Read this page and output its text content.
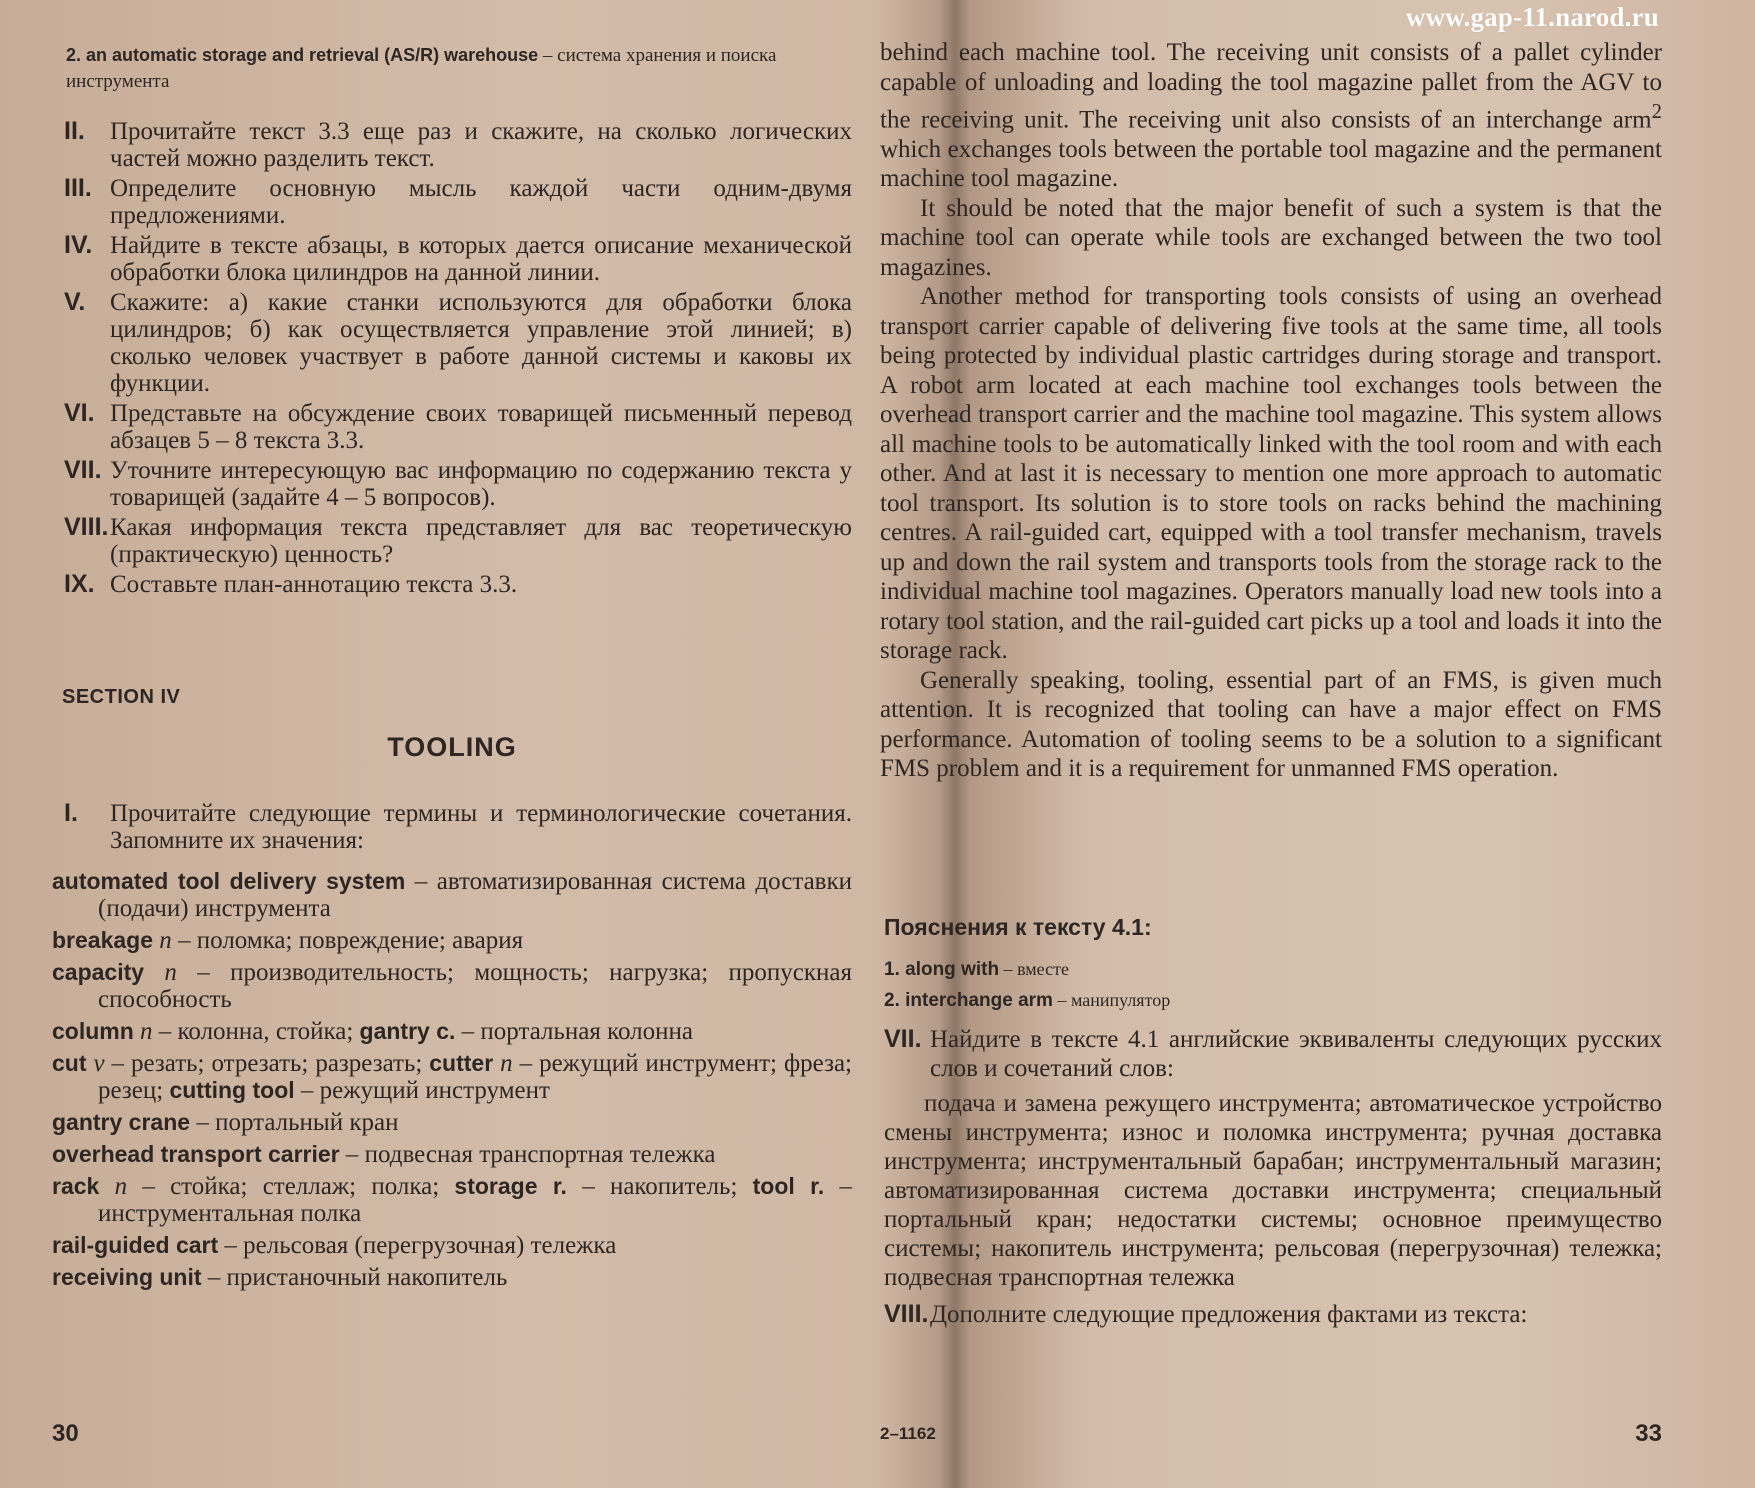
www.gap-11.narod.ru
2. an automatic storage and retrieval (AS/R) warehouse – система хранения и поиска инструмента
II. Прочитайте текст 3.3 еще раз и скажите, на сколько логических частей можно разделить текст.
III. Определите основную мысль каждой части одним-двумя предложениями.
IV. Найдите в тексте абзацы, в которых дается описание механической обработки блока цилиндров на данной линии.
V. Скажите: а) какие станки используются для обработки блока цилиндров; б) как осуществляется управление этой линией; в) сколько человек участвует в работе данной системы и каковы их функции.
VI. Представьте на обсуждение своих товарищей письменный перевод абзацев 5 – 8 текста 3.3.
VII. Уточните интересующую вас информацию по содержанию текста у товарищей (задайте 4 – 5 вопросов).
VIII.Какая информация текста представляет для вас теоретическую (практическую) ценность?
IX. Составьте план-аннотацию текста 3.3.
SECTION IV
TOOLING
I. Прочитайте следующие термины и терминологические сочетания. Запомните их значения:
automated tool delivery system – автоматизированная система доставки (подачи) инструмента
breakage n – поломка; повреждение; авария
capacity n – производительность; мощность; нагрузка; пропускная способность
column n – колонна, стойка; gantry c. – портальная колонна
cut v – резать; отрезать; разрезать; cutter n – режущий инструмент; фреза; резец; cutting tool – режущий инструмент
gantry crane – портальный кран
overhead transport carrier – подвесная транспортная тележка
rack n – стойка; стеллаж; полка; storage r. – накопитель; tool r. – инструментальная полка
rail-guided cart – рельсовая (перегрузочная) тележка
receiving unit – пристаночный накопитель
30

behind each machine tool. The receiving unit consists of a pallet cylinder capable of unloading and loading the tool magazine pallet from the AGV to the receiving unit. The receiving unit also consists of an interchange arm$^2$ which exchanges tools between the portable tool magazine and the permanent machine tool magazine.

It should be noted that the major benefit of such a system is that the machine tool can operate while tools are exchanged between the two tool magazines.

Another method for transporting tools consists of using an overhead transport carrier capable of delivering five tools at the same time, all tools being protected by individual plastic cartridges during storage and transport. A robot arm located at each machine tool exchanges tools between the overhead transport carrier and the machine tool magazine. This system allows all machine tools to be automatically linked with the tool room and with each other. And at last it is necessary to mention one more approach to automatic tool transport. Its solution is to store tools on racks behind the machining centres. A rail-guided cart, equipped with a tool transfer mechanism, travels up and down the rail system and transports tools from the storage rack to the individual machine tool magazines. Operators manually load new tools into a rotary tool station, and the rail-guided cart picks up a tool and loads it into the storage rack.

Generally speaking, tooling, essential part of an FMS, is given much attention. It is recognized that tooling can have a major effect on FMS performance. Automation of tooling seems to be a solution to a significant FMS problem and it is a requirement for unmanned FMS operation.

Пояснения к тексту 4.1:
1. along with – вместе
2. interchange arm – манипулятор
VII. Найдите в тексте 4.1 английские эквиваленты следующих русских слов и сочетаний слов:
подача и замена режущего инструмента; автоматическое устройство смены инструмента; износ и поломка инструмента; ручная доставка инструмента; инструментальный барабан; инструментальный магазин; автоматизированная система доставки инструмента; специальный портальный кран; недостатки системы; основное преимущество системы; накопитель инструмента; рельсовая (перегрузочная) тележка; подвесная транспортная тележка
VIII.Дополните следующие предложения фактами из текста:
2–1162	33
